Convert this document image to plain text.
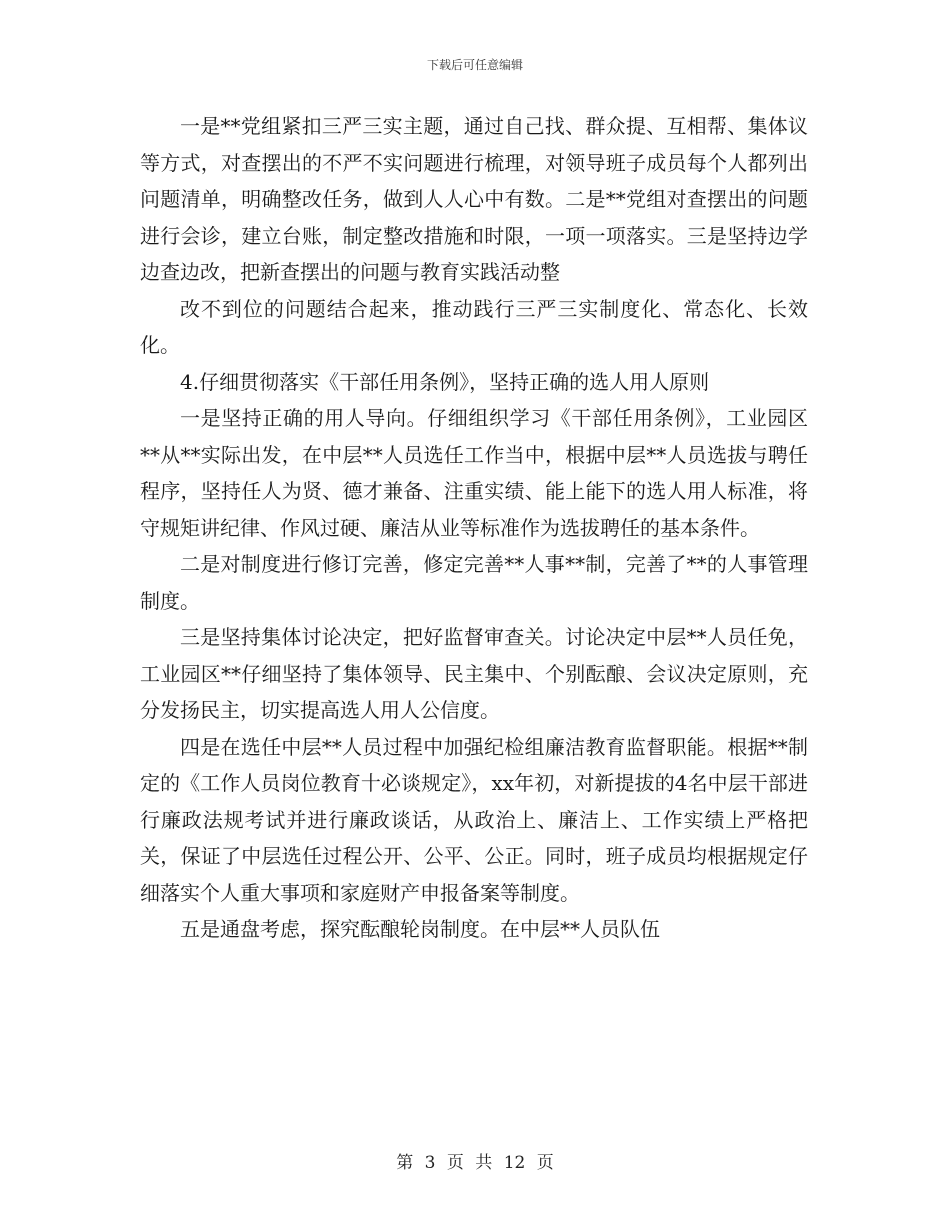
下载后可任意编辑

一是**党组紧扣三严三实主题，通过自己找、群众提、互相帮、集体议等方式，对查摆出的不严不实问题进行梳理，对领导班子成员每个人都列出问题清单，明确整改任务，做到人人心中有数。二是**党组对查摆出的问题进行会诊，建立台账，制定整改措施和时限，一项一项落实。三是坚持边学边查边改，把新查摆出的问题与教育实践活动整

改不到位的问题结合起来，推动践行三严三实制度化、常态化、长效化。

4.仔细贯彻落实《干部任用条例》，坚持正确的选人用人原则

一是坚持正确的用人导向。仔细组织学习《干部任用条例》，工业园区**从**实际出发，在中层**人员选任工作当中，根据中层**人员选拔与聘任程序，坚持任人为贤、德才兼备、注重实绩、能上能下的选人用人标准，将守规矩讲纪律、作风过硬、廉洁从业等标准作为选拔聘任的基本条件。

二是对制度进行修订完善，修定完善**人事**制，完善了**的人事管理制度。

三是坚持集体讨论决定，把好监督审查关。讨论决定中层**人员任免，工业园区**仔细坚持了集体领导、民主集中、个别酝酿、会议决定原则，充分发扬民主，切实提高选人用人公信度。

四是在选任中层**人员过程中加强纪检组廉洁教育监督职能。根据**制定的《工作人员岗位教育十必谈规定》，xx年初，对新提拔的4名中层干部进行廉政法规考试并进行廉政谈话，从政治上、廉洁上、工作实绩上严格把关，保证了中层选任过程公开、公平、公正。同时，班子成员均根据规定仔细落实个人重大事项和家庭财产申报备案等制度。

五是通盘考虑，探究酝酿轮岗制度。在中层**人员队伍

第 3 页 共 12 页
